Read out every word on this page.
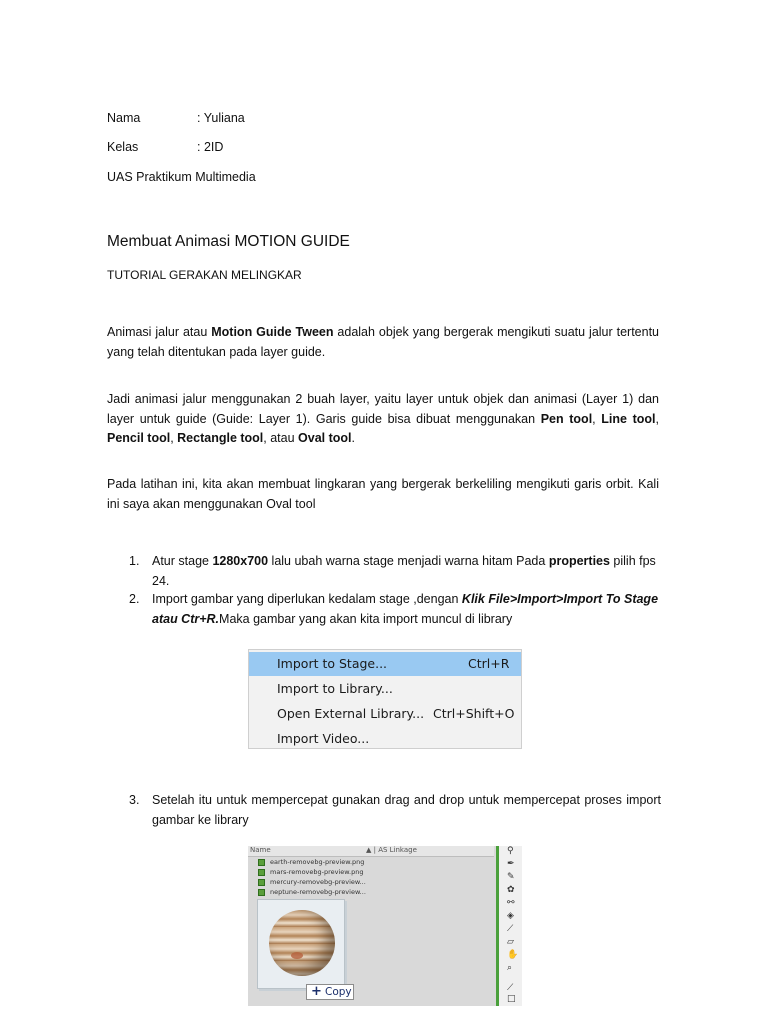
Nama	: Yuliana
Kelas	: 2ID
UAS Praktikum Multimedia
Membuat Animasi MOTION GUIDE
TUTORIAL GERAKAN MELINGKAR
Animasi jalur atau Motion Guide Tween adalah objek yang bergerak mengikuti suatu jalur tertentu yang telah ditentukan pada layer guide.
Jadi animasi jalur menggunakan 2 buah layer, yaitu layer untuk objek dan animasi (Layer 1) dan layer untuk guide (Guide: Layer 1). Garis guide bisa dibuat menggunakan Pen tool, Line tool, Pencil tool, Rectangle tool, atau Oval tool.
Pada latihan ini, kita akan membuat lingkaran yang bergerak berkeliling mengikuti garis orbit. Kali ini saya akan menggunakan Oval tool
1. Atur stage 1280x700 lalu ubah warna stage menjadi warna hitam Pada properties pilih fps 24.
2. Import gambar yang diperlukan kedalam stage ,dengan Klik File>Import>Import To Stage atau Ctr+R.Maka gambar yang akan kita import muncul di library
Import to Stage...	Ctrl+R
Import to Library...
Open External Library... Ctrl+Shift+O
Import Video...
3. Setelah itu untuk mempercepat gunakan drag and drop untuk mempercepat proses import gambar ke library
Name	▲ | AS Linkage
earth-removebg-preview.png
mars-removebg-preview.png
mercury-removebg-preview...
neptune-removebg-preview...
+ Copy
⚲
✒
✎
✿
⚯
◈
⟋
▱
✋
⌕
⟋
□
